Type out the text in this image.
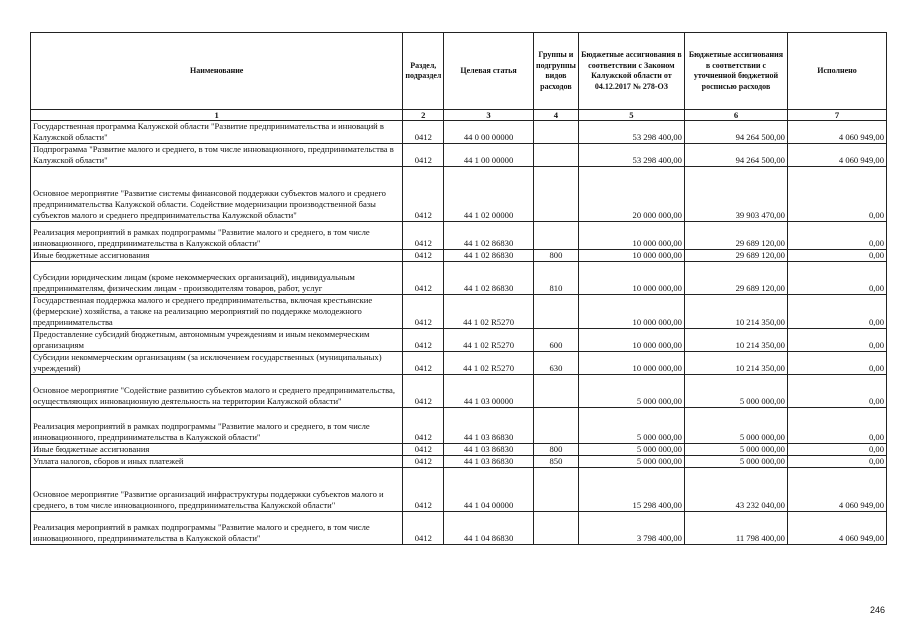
Наименование	Раздел, подраздел	Целевая статья	Группы и подгруппы видов расходов	Бюджетные ассигнования в соответствии с Законом Калужской области от 04.12.2017 № 278-ОЗ	Бюджетные ассигнования в соответствии с уточненной бюджетной росписью расходов	Исполнено
1	2	3	4	5	6	7
Государственная программа Калужской области "Развитие предпринимательства и инноваций в Калужской области"	0412	44 0 00 00000		53 298 400,00	94 264 500,00	4 060 949,00
Подпрограмма "Развитие малого и среднего, в том числе инновационного, предпринимательства в Калужской области"	0412	44 1 00 00000		53 298 400,00	94 264 500,00	4 060 949,00
Основное мероприятие "Развитие системы финансовой поддержки субъектов малого и среднего предпринимательства Калужской области. Содействие модернизации производственной базы субъектов малого и среднего предпринимательства Калужской области"	0412	44 1 02 00000		20 000 000,00	39 903 470,00	0,00
Реализация мероприятий в рамках подпрограммы "Развитие малого и среднего, в том числе инновационного, предпринимательства в Калужской области"	0412	44 1 02 86830		10 000 000,00	29 689 120,00	0,00
Иные бюджетные ассигнования	0412	44 1 02 86830	800	10 000 000,00	29 689 120,00	0,00
Субсидии юридическим лицам (кроме некоммерческих организаций), индивидуальным предпринимателям, физическим лицам - производителям товаров, работ, услуг	0412	44 1 02 86830	810	10 000 000,00	29 689 120,00	0,00
Государственная поддержка малого и среднего предпринимательства, включая крестьянские (фермерские) хозяйства, а также на реализацию мероприятий по поддержке молодежного предпринимательства	0412	44 1 02 R5270		10 000 000,00	10 214 350,00	0,00
Предоставление субсидий бюджетным, автономным учреждениям и иным некоммерческим организациям	0412	44 1 02 R5270	600	10 000 000,00	10 214 350,00	0,00
Субсидии некоммерческим организациям (за исключением государственных (муниципальных) учреждений)	0412	44 1 02 R5270	630	10 000 000,00	10 214 350,00	0,00
Основное мероприятие "Содействие развитию субъектов малого и среднего предпринимательства, осуществляющих инновационную деятельность на территории Калужской области"	0412	44 1 03 00000		5 000 000,00	5 000 000,00	0,00
Реализация мероприятий в рамках подпрограммы "Развитие малого и среднего, в том числе инновационного, предпринимательства в Калужской области"	0412	44 1 03 86830		5 000 000,00	5 000 000,00	0,00
Иные бюджетные ассигнования	0412	44 1 03 86830	800	5 000 000,00	5 000 000,00	0,00
Уплата налогов, сборов и иных платежей	0412	44 1 03 86830	850	5 000 000,00	5 000 000,00	0,00
Основное мероприятие "Развитие организаций инфраструктуры поддержки субъектов малого и среднего, в том числе инновационного, предпринимательства Калужской области"	0412	44 1 04 00000		15 298 400,00	43 232 040,00	4 060 949,00
Реализация мероприятий в рамках подпрограммы "Развитие малого и среднего, в том числе инновационного, предпринимательства в Калужской области"	0412	44 1 04 86830		3 798 400,00	11 798 400,00	4 060 949,00
246
